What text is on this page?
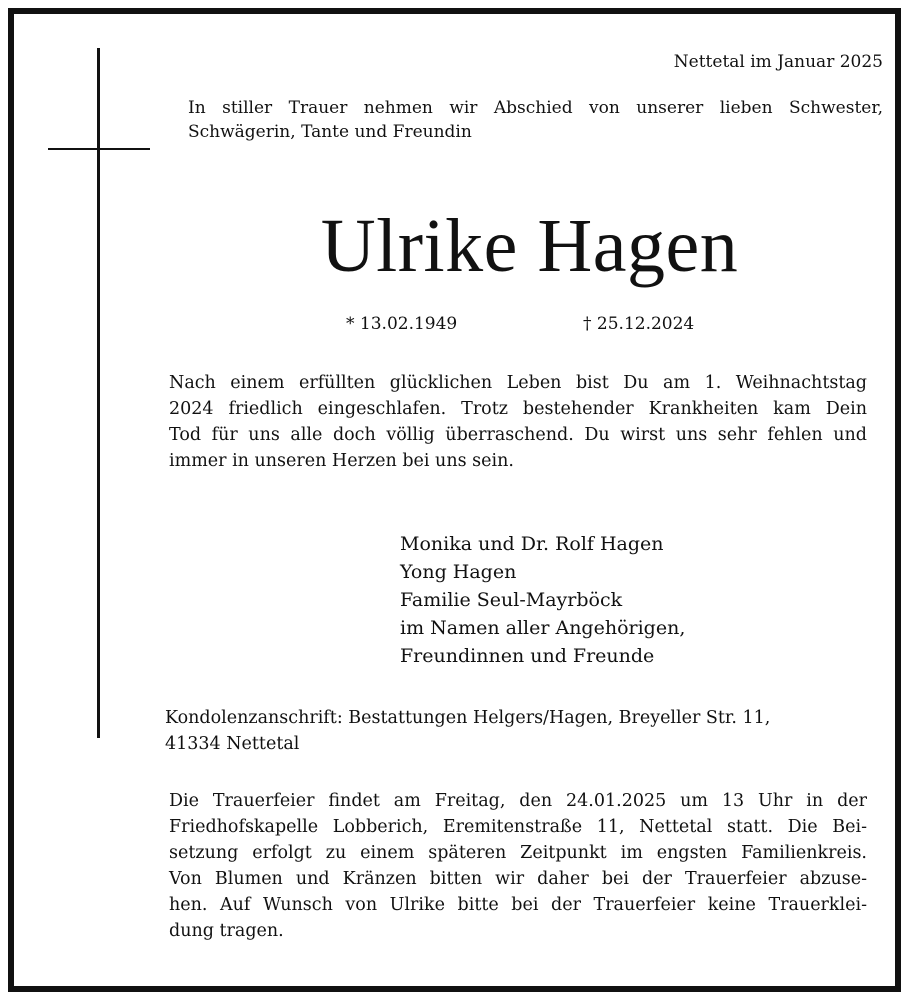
Nettetal im Januar 2025
In stiller Trauer nehmen wir Abschied von unserer lieben Schwester,
Schwägerin, Tante und Freundin
Ulrike Hagen
* 13.02.1949	† 25.12.2024
Nach einem erfüllten glücklichen Leben bist Du am 1. Weihnachtstag
2024 friedlich eingeschlafen. Trotz bestehender Krankheiten kam Dein
Tod für uns alle doch völlig überraschend. Du wirst uns sehr fehlen und
immer in unseren Herzen bei uns sein.
Monika und Dr. Rolf Hagen
Yong Hagen
Familie Seul-Mayrböck
im Namen aller Angehörigen,
Freundinnen und Freunde
Kondolenzanschrift: Bestattungen Helgers/Hagen, Breyeller Str. 11,
41334 Nettetal
Die Trauerfeier findet am Freitag, den 24.01.2025 um 13 Uhr in der
Friedhofskapelle Lobberich, Eremitenstraße 11, Nettetal statt. Die Bei-
setzung erfolgt zu einem späteren Zeitpunkt im engsten Familienkreis.
Von Blumen und Kränzen bitten wir daher bei der Trauerfeier abzuse-
hen. Auf Wunsch von Ulrike bitte bei der Trauerfeier keine Trauerklei-
dung tragen.
